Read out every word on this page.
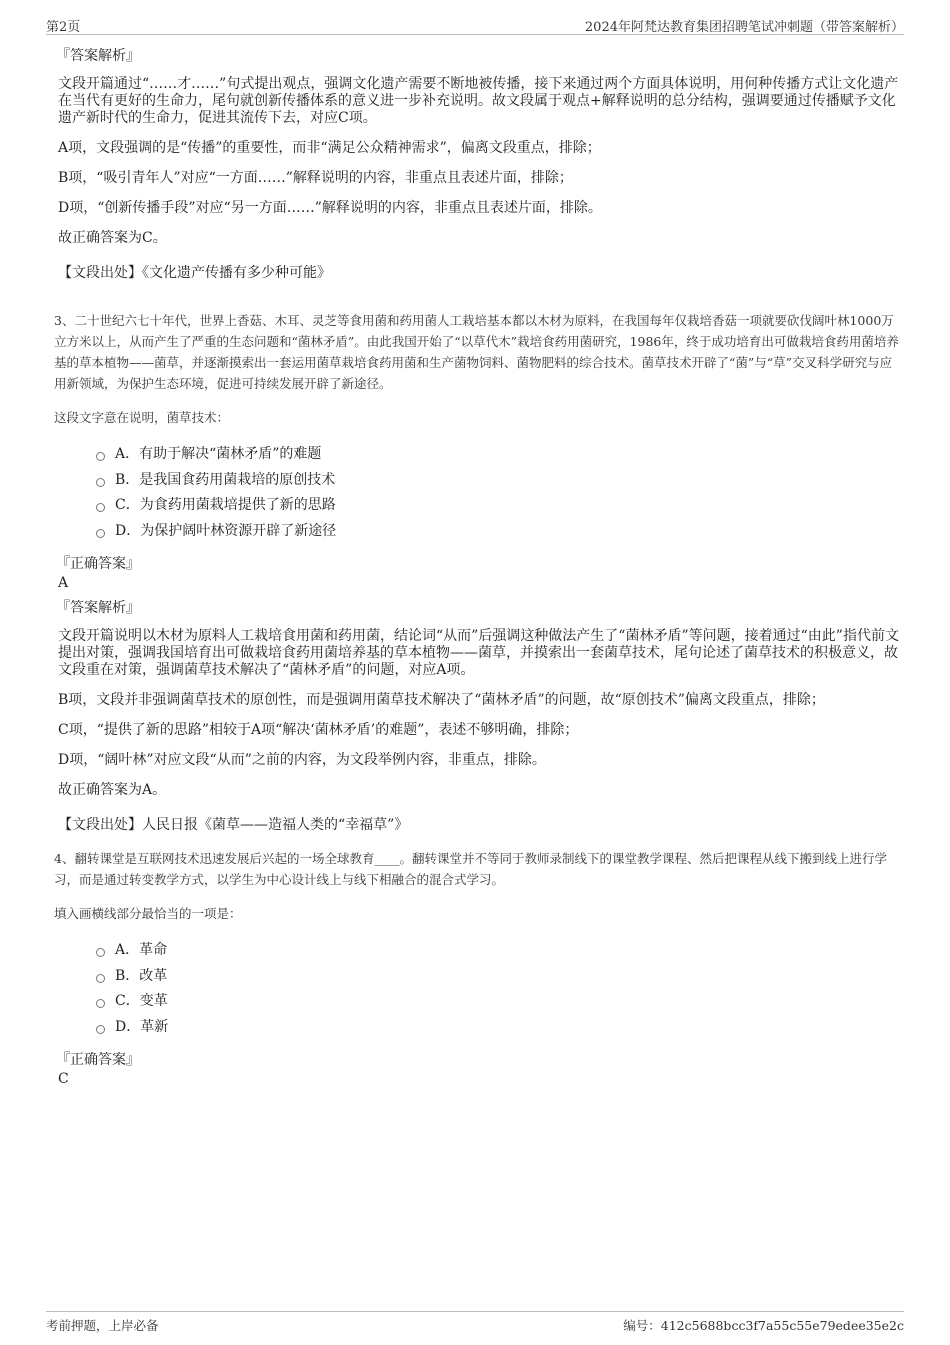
第2页	2024年阿梵达教育集团招聘笔试冲刺题（带答案解析）
『答案解析』

文段开篇通过“……才……”句式提出观点，强调文化遗产需要不断地被传播，接下来通过两个方面具体说明，用何种传播方式让文化遗产在当代有更好的生命力，尾句就创新传播体系的意义进一步补充说明。故文段属于观点+解释说明的总分结构，强调要通过传播赋予文化遗产新时代的生命力，促进其流传下去，对应C项。

A项，文段强调的是“传播”的重要性，而非“满足公众精神需求”，偏离文段重点，排除；

B项，“吸引青年人”对应“一方面……”解释说明的内容，非重点且表述片面，排除；

D项，“创新传播手段”对应“另一方面……”解释说明的内容，非重点且表述片面，排除。

故正确答案为C。

【文段出处】《文化遗产传播有多少种可能》

3、二十世纪六七十年代，世界上香菇、木耳、灵芝等食用菌和药用菌人工栽培基本都以木材为原料，在我国每年仅栽培香菇一项就要砍伐阔叶林1000万立方米以上，从而产生了严重的生态问题和“菌林矛盾”。由此我国开始了“以草代木”栽培食药用菌研究，1986年，终于成功培育出可做栽培食药用菌培养基的草本植物——菌草，并逐渐摸索出一套运用菌草栽培食药用菌和生产菌物饲料、菌物肥料的综合技术。菌草技术开辟了“菌”与“草”交叉科学研究与应用新领域，为保护生态环境，促进可持续发展开辟了新途径。

这段文字意在说明，菌草技术：

A．有助于解决“菌林矛盾”的难题
B．是我国食药用菌栽培的原创技术
C．为食药用菌栽培提供了新的思路
D．为保护阔叶林资源开辟了新途径
『正确答案』
A
『答案解析』

文段开篇说明以木材为原料人工栽培食用菌和药用菌，结论词“从而”后强调这种做法产生了“菌林矛盾”等问题，接着通过“由此”指代前文提出对策，强调我国培育出可做栽培食药用菌培养基的草本植物——菌草，并摸索出一套菌草技术，尾句论述了菌草技术的积极意义，故文段重在对策，强调菌草技术解决了“菌林矛盾”的问题，对应A项。

B项，文段并非强调菌草技术的原创性，而是强调用菌草技术解决了“菌林矛盾”的问题，故“原创技术”偏离文段重点，排除；

C项，“提供了新的思路”相较于A项“解决‘菌林矛盾’的难题”，表述不够明确，排除；

D项，“阔叶林”对应文段“从而”之前的内容，为文段举例内容，非重点，排除。

故正确答案为A。

【文段出处】人民日报《菌草——造福人类的“幸福草”》

4、翻转课堂是互联网技术迅速发展后兴起的一场全球教育____。翻转课堂并不等同于教师录制线下的课堂教学课程、然后把课程从线下搬到线上进行学习，而是通过转变教学方式，以学生为中心设计线上与线下相融合的混合式学习。

填入画横线部分最恰当的一项是：

A．革命
B．改革
C．变革
D．革新
『正确答案』
C
考前押题，上岸必备	编号：412c5688bcc3f7a55c55e79edee35e2c
